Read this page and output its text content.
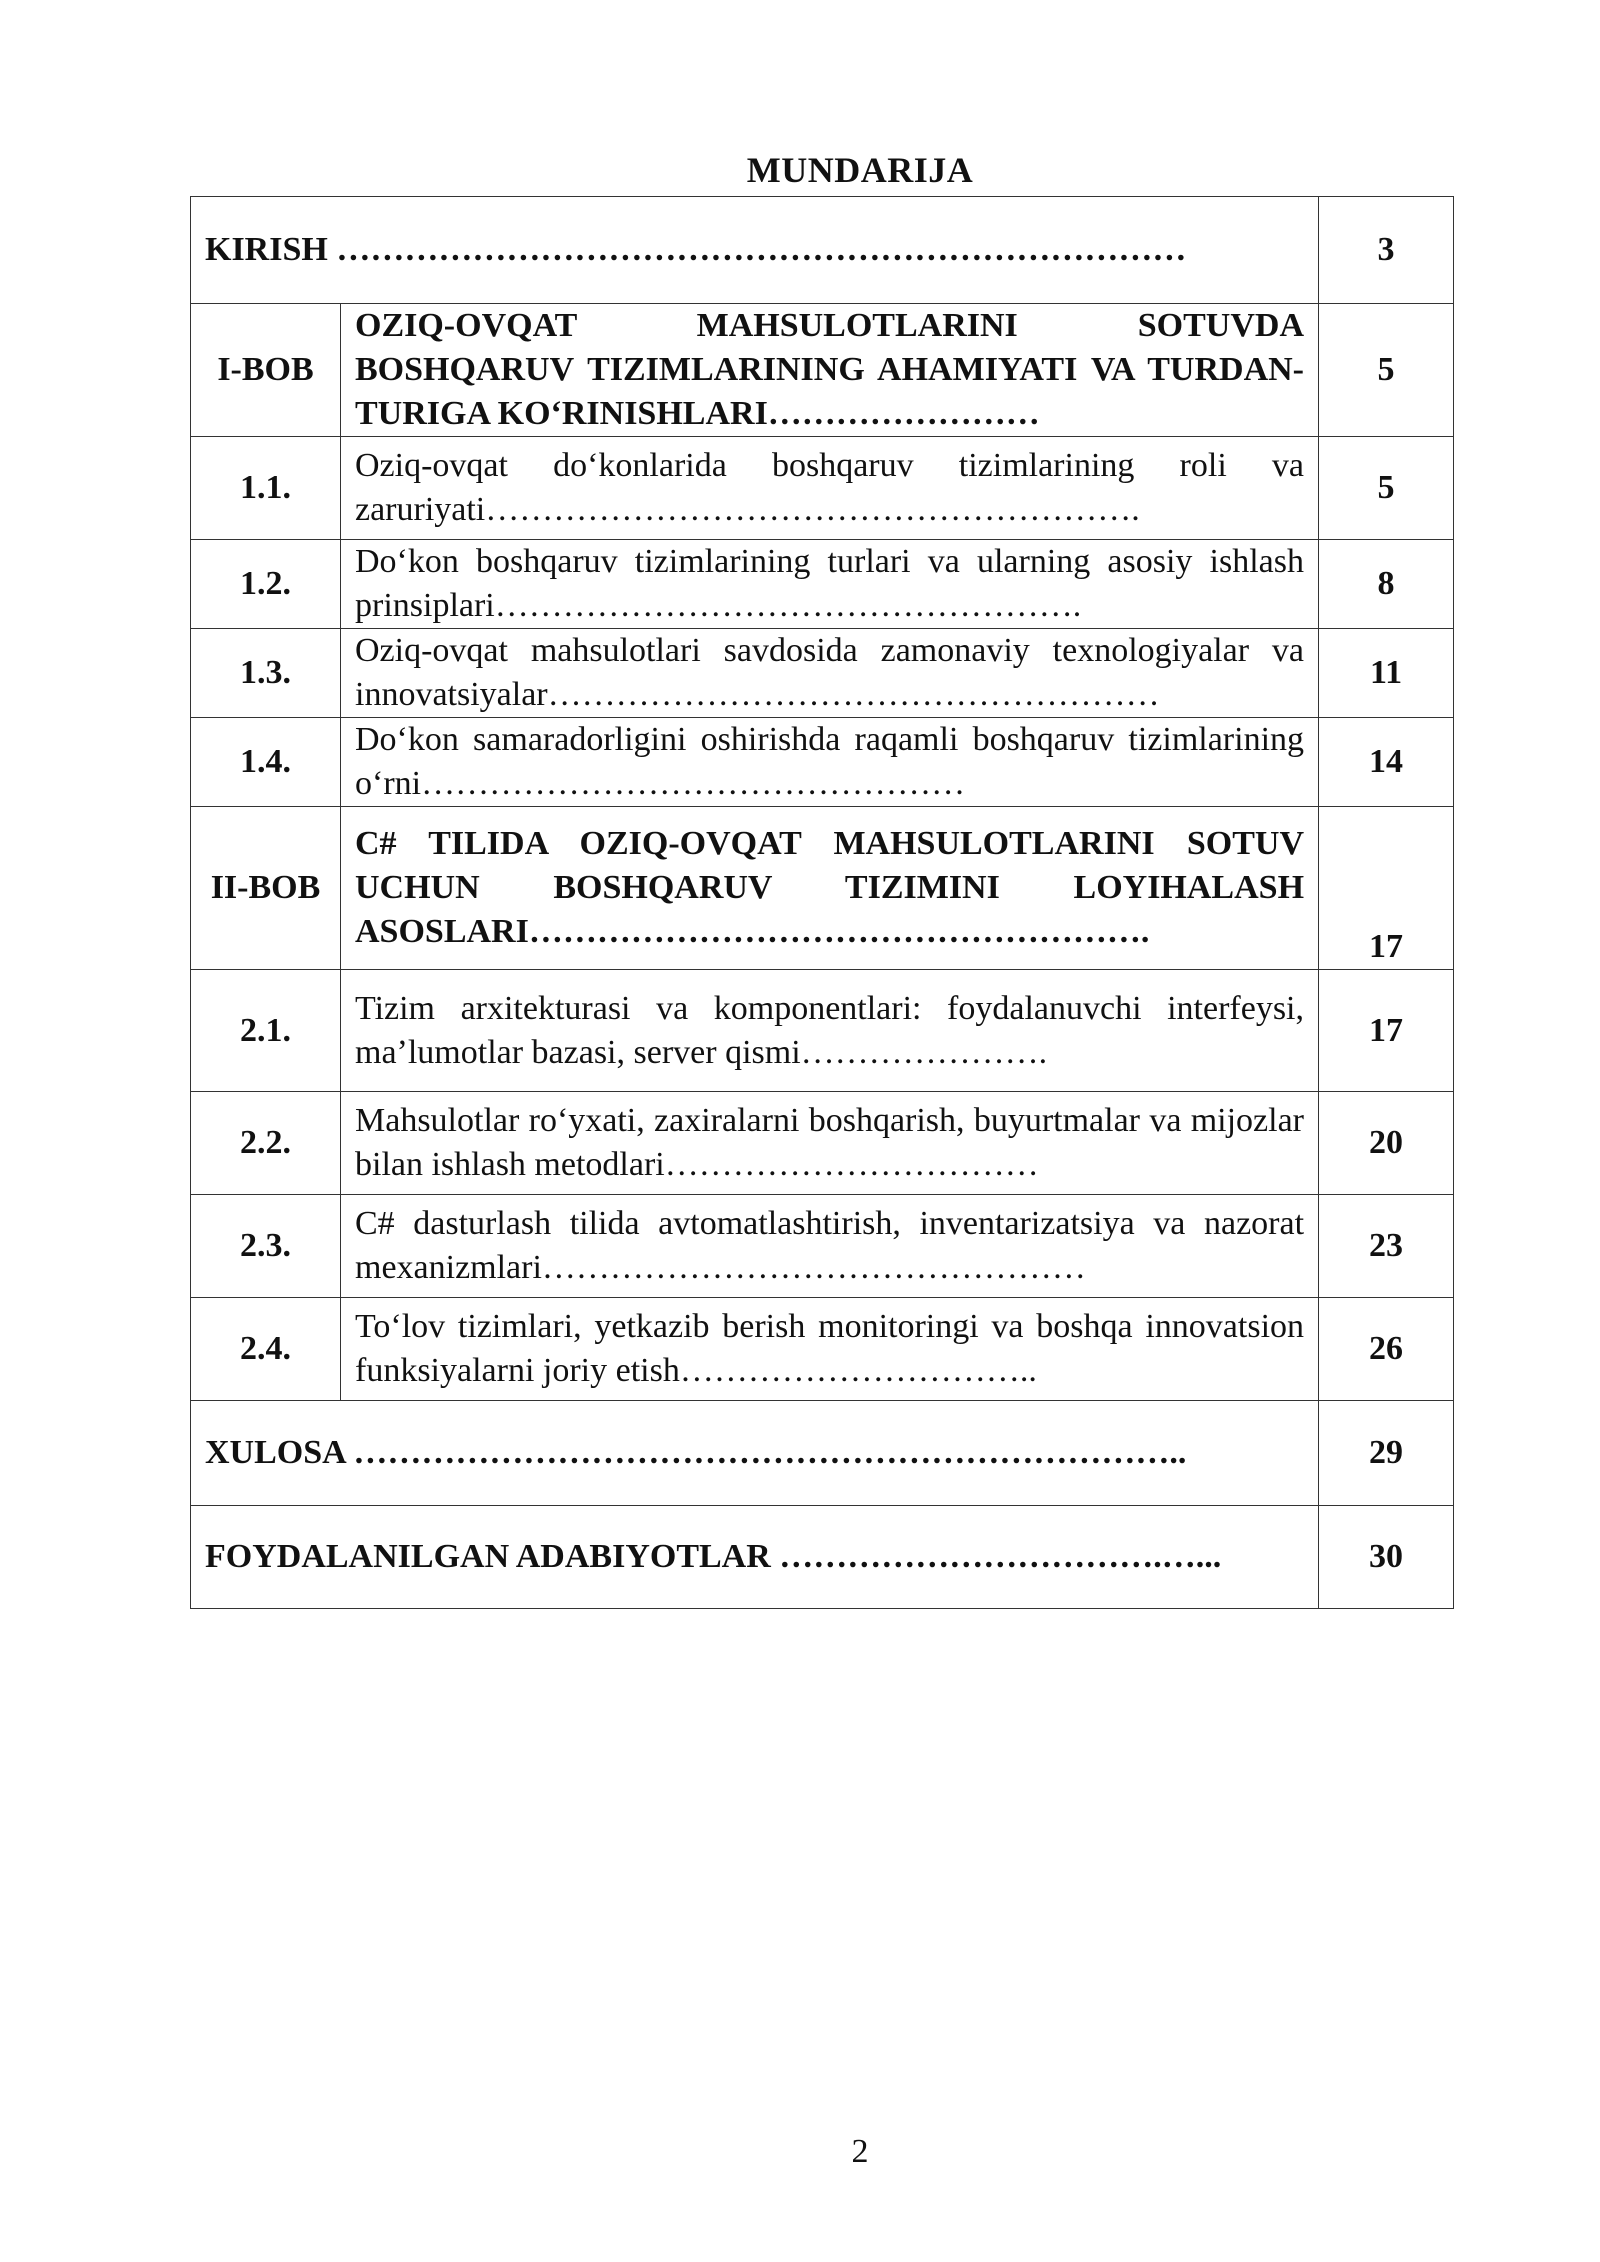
MUNDARIJA
KIRISH …………………………………………………………………		3
I-BOB	OZIQ-OVQAT MAHSULOTLARINI SOTUVDA BOSHQARUV TIZIMLARINING AHAMIYATI VA TURDAN-TURIGA KOʻRINISHLARI……………………	5
1.1.	Oziq-ovqat doʻkonlarida boshqaruv tizimlarining roli va zaruriyati………………………………………………….	5
1.2.	Doʻkon boshqaruv tizimlarining turlari va ularning asosiy ishlash prinsiplari…………………………………………….	8
1.3.	Oziq-ovqat mahsulotlari savdosida zamonaviy texnologiyalar va innovatsiyalar………………………………………………	11
1.4.	Doʻkon samaradorligini oshirishda raqamli boshqaruv tizimlarining oʻrni…………………………………………	14
II-BOB	C# TILIDA OZIQ-OVQAT MAHSULOTLARINI SOTUV UCHUN BOSHQARUV TIZIMINI LOYIHALASH ASOSLARI……………………………………………….	17
2.1.	Tizim arxitekturasi va komponentlari: foydalanuvchi interfeysi, maʼlumotlar bazasi, server qismi………………….	17
2.2.	Mahsulotlar roʻyxati, zaxiralarni boshqarish, buyurtmalar va mijozlar bilan ishlash metodlari……………………………	20
2.3.	C# dasturlash tilida avtomatlashtirish, inventarizatsiya va nazorat mexanizmlari…………………………………………	23
2.4.	Toʻlov tizimlari, yetkazib berish monitoringi va boshqa innovatsion funksiyalarni joriy etish…………………………..	26
XULOSA ………………………………………………………………..		29
FOYDALANILGAN ADABIYOTLAR …………………………….…...		30
2
